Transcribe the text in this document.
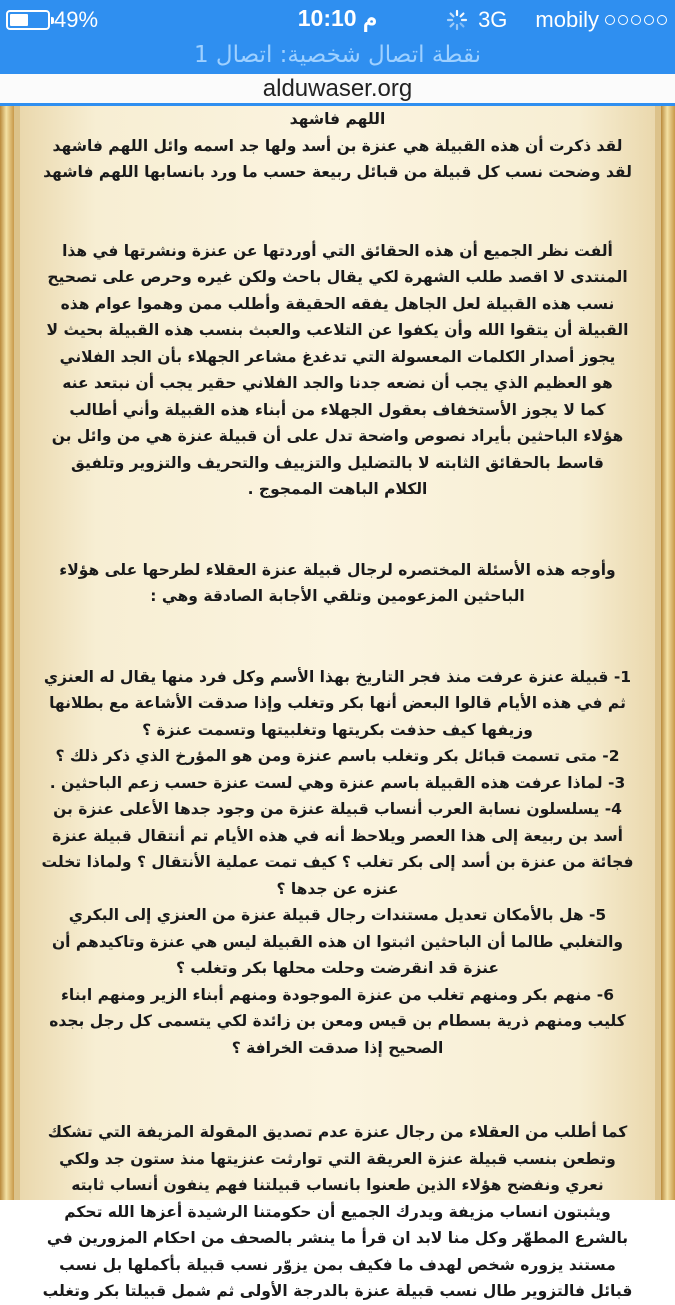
49%	10:10 م	3G mobily
نقطة اتصال شخصية: اتصال 1
alduwaser.org

اللهم فاشهد

لقد ذكرت أن هذه القبيلة هي عنزة بن أسد ولها جد اسمه وائل اللهم فاشهد

لقد وضحت نسب كل قبيلة من قبائل ربيعة حسب ما ورد بانسابها اللهم فاشهد

ألفت نظر الجميع أن هذه الحقائق التي أوردتها عن عنزة ونشرتها في هذا

المنتدى لا اقصد طلب الشهرة لكي يقال باحث ولكن غيره وحرص على تصحيح

نسب هذه القبيلة لعل الجاهل يفقه الحقيقة وأطلب ممن وهموا عوام هذه

القبيلة أن يتقوا الله وأن يكفوا عن التلاعب والعبث بنسب هذه القبيلة بحيث لا

يجوز أصدار الكلمات المعسولة التي تدغدغ مشاعر الجهلاء بأن الجد الفلاني

هو العظيم الذي يجب أن نضعه جدنا والجد الفلاني حقير يجب أن نبتعد عنه

كما لا يجوز الأستخفاف بعقول الجهلاء من أبناء هذه القبيلة وأني أطالب

هؤلاء الباحثين بأيراد نصوص واضحة تدل على أن قبيلة عنزة هي من وائل بن

قاسط بالحقائق الثابته لا بالتضليل والتزييف والتحريف والتزوير وتلفيق

الكلام الباهت الممجوج .

وأوجه هذه الأسئلة المختصره لرجال قبيلة عنزة العقلاء لطرحها على هؤلاء

الباحثين المزعومين وتلقي الأجابة الصادقة وهي :

1- قبيلة عنزة عرفت منذ فجر التاريخ بهذا الأسم وكل فرد منها يقال له العنزي

ثم في هذه الأيام قالوا البعض أنها بكر وتغلب وإذا صدقت الأشاعة مع بطلانها

وزيفها كيف حذفت بكريتها وتغلبيتها وتسمت عنزة ؟

2- متى تسمت قبائل بكر وتغلب باسم عنزة ومن هو المؤرخ الذي ذكر ذلك ؟

3- لماذا عرفت هذه القبيلة باسم عنزة وهي لست عنزة حسب زعم الباحثين .

4- يسلسلون نسابة العرب أنساب قبيلة عنزة من وجود جدها الأعلى عنزة بن

أسد بن ربيعة إلى هذا العصر ويلاحظ أنه في هذه الأيام تم أنتقال قبيلة عنزة

فجائة من عنزة بن أسد إلى بكر تغلب ؟ كيف تمت عملية الأنتقال ؟ ولماذا تخلت

عنزه عن جدها ؟

5- هل بالأمكان تعديل مستندات رجال قبيلة عنزة من العنزي إلى البكري

والتغلبي طالما أن الباحثين اثبتوا ان هذه القبيلة ليس هي عنزة وتاكيدهم أن

عنزة قد انقرضت وحلت محلها بكر وتغلب ؟

6- منهم بكر ومنهم تغلب من عنزة الموجودة ومنهم أبناء الزير ومنهم ابناء

كليب ومنهم ذرية بسطام بن قيس ومعن بن زائدة لكي يتسمى كل رجل بجده

الصحيح إذا صدقت الخرافة ؟

كما أطلب من العقلاء من رجال عنزة عدم تصديق المقولة المزيفة التي تشكك

وتطعن بنسب قبيلة عنزة العريقة التي توارثت عنزيتها منذ ستون جد ولكي

نعري ونفضح هؤلاء الذين طعنوا بانساب قبيلتنا فهم ينفون أنساب ثابته

ويثبتون انساب مزيفة ويدرك الجميع أن حكومتنا الرشيدة أعزها الله تحكم

بالشرع المطهّر وكل منا لابد ان قرأ ما ينشر بالصحف من احكام المزورين في

مستند يزوره شخص لهدف ما فكيف بمن يزوّر نسب قبيلة بأكملها بل نسب

قبائل فالتزوير طال نسب قبيلة عنزة بالدرجة الأولى ثم شمل قبيلتا بكر وتغلب
